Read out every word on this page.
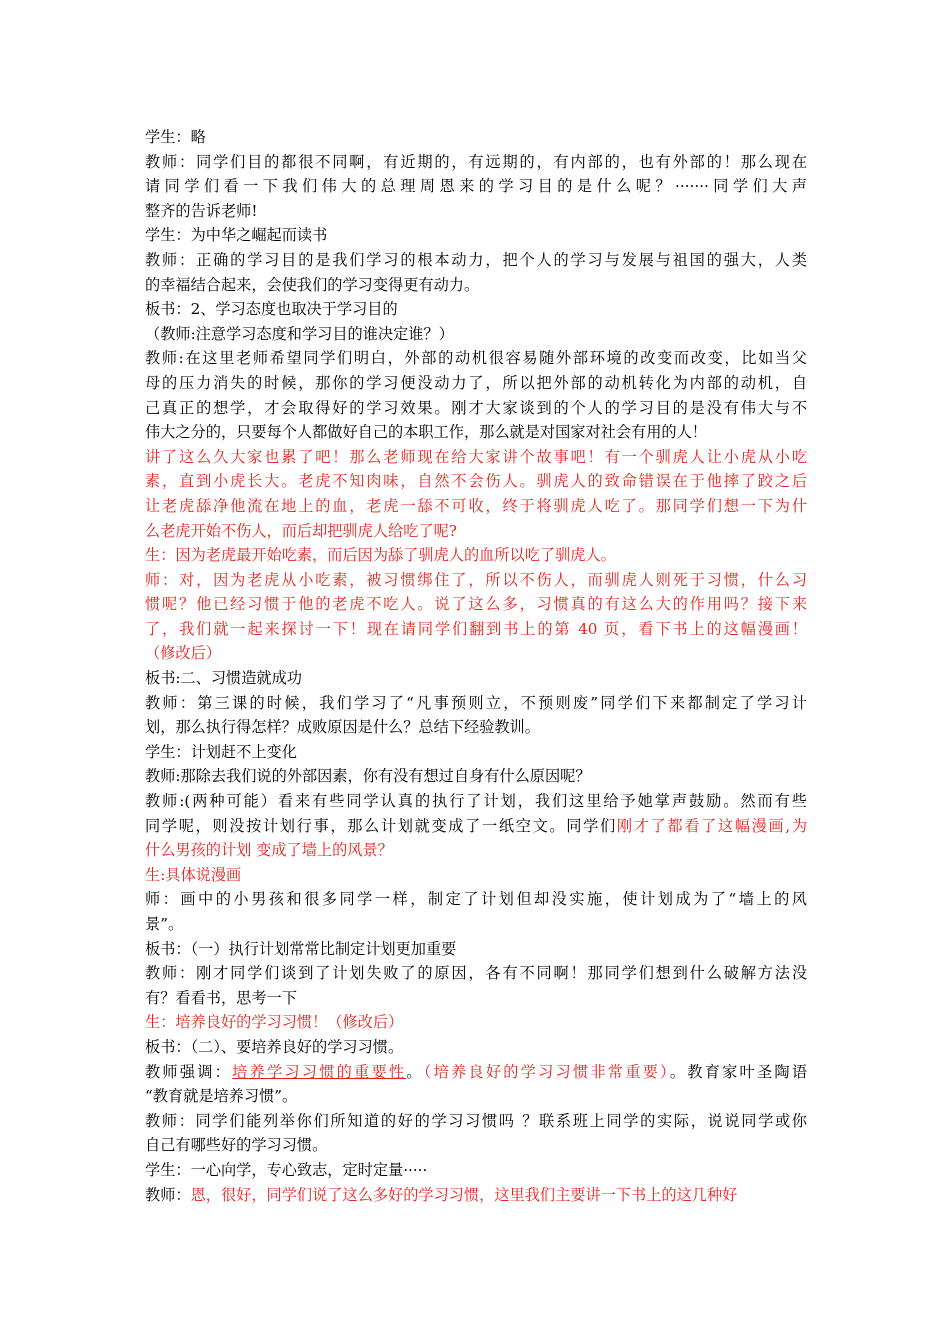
学生：略
教师：同学们目的都很不同啊，有近期的，有远期的，有内部的，也有外部的！那么现在
请同学们看一下我们伟大的总理周恩来的学习目的是什么呢？·······同学们大声
整齐的告诉老师!
学生：为中华之崛起而读书
教师：正确的学习目的是我们学习的根本动力，把个人的学习与发展与祖国的强大，人类
的幸福结合起来，会使我们的学习变得更有动力。
板书：2、学习态度也取决于学习目的
（教师:注意学习态度和学习目的谁决定谁？）
教师:在这里老师希望同学们明白，外部的动机很容易随外部环境的改变而改变，比如当父
母的压力消失的时候，那你的学习便没动力了，所以把外部的动机转化为内部的动机，自
己真正的想学，才会取得好的学习效果。刚才大家谈到的个人的学习目的是没有伟大与不
伟大之分的，只要每个人都做好自己的本职工作，那么就是对国家对社会有用的人！
讲了这么久大家也累了吧！那么老师现在给大家讲个故事吧！有一个驯虎人让小虎从小吃
素，直到小虎长大。老虎不知肉味，自然不会伤人。驯虎人的致命错误在于他摔了跤之后
让老虎舔净他流在地上的血，老虎一舔不可收，终于将驯虎人吃了。那同学们想一下为什
么老虎开始不伤人，而后却把驯虎人给吃了呢?
生：因为老虎最开始吃素，而后因为舔了驯虎人的血所以吃了驯虎人。
师：对，因为老虎从小吃素，被习惯绑住了，所以不伤人，而驯虎人则死于习惯，什么习
惯呢？他已经习惯于他的老虎不吃人。说了这么多，习惯真的有这么大的作用吗？接下来
了，我们就一起来探讨一下！现在请同学们翻到书上的第 40 页，看下书上的这幅漫画！
（修改后）
板书:二、习惯造就成功
教师：第三课的时候，我们学习了“凡事预则立，不预则废”同学们下来都制定了学习计
划，那么执行得怎样？成败原因是什么？总结下经验教训。
学生：计划赶不上变化
教师:那除去我们说的外部因素，你有没有想过自身有什么原因呢？
教师:(两种可能）看来有些同学认真的执行了计划，我们这里给予她掌声鼓励。然而有些
同学呢，则没按计划行事，那么计划就变成了一纸空文。同学们刚才了都看了这幅漫画,为
什么男孩的计划 变成了墙上的风景？
生:具体说漫画
师：画中的小男孩和很多同学一样，制定了计划但却没实施，使计划成为了“墙上的风
景”。
板书：（一）执行计划常常比制定计划更加重要
教师：刚才同学们谈到了计划失败了的原因，各有不同啊！那同学们想到什么破解方法没
有？看看书，思考一下
生：培养良好的学习习惯！（修改后）
板书：（二）、要培养良好的学习习惯。
教师强调：培养学习习惯的重要性。（培养良好的学习习惯非常重要）。教育家叶圣陶语
“教育就是培养习惯”。
教师：同学们能列举你们所知道的好的学习习惯吗 ？联系班上同学的实际，说说同学或你
自己有哪些好的学习习惯。
学生：一心向学，专心致志，定时定量·····
教师：恩，很好，同学们说了这么多好的学习习惯，这里我们主要讲一下书上的这几种好
